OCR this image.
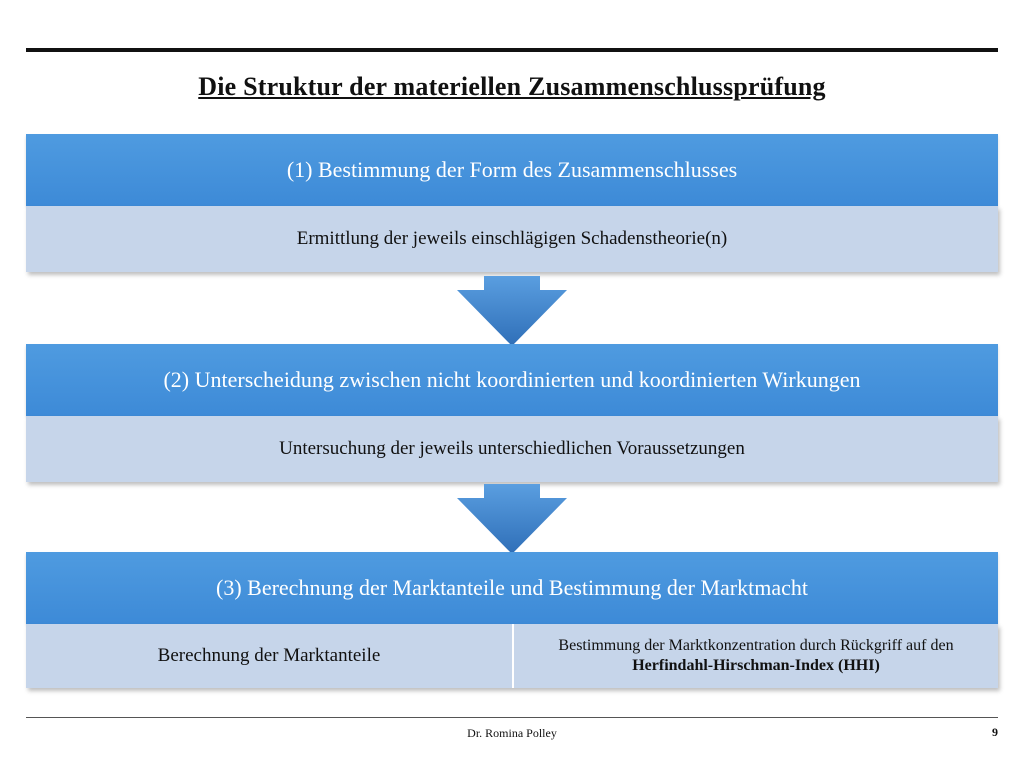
Die Struktur der materiellen Zusammenschlussprüfung
(1) Bestimmung der Form des Zusammenschlusses
Ermittlung der jeweils einschlägigen Schadenstheorie(n)
(2) Unterscheidung zwischen nicht koordinierten und koordinierten Wirkungen
Untersuchung der jeweils unterschiedlichen Voraussetzungen
(3) Berechnung der Marktanteile und Bestimmung der Marktmacht
Berechnung der Marktanteile	Bestimmung der Marktkonzentration durch Rückgriff auf den Herfindahl-Hirschman-Index (HHI)
Dr. Romina Polley	9
